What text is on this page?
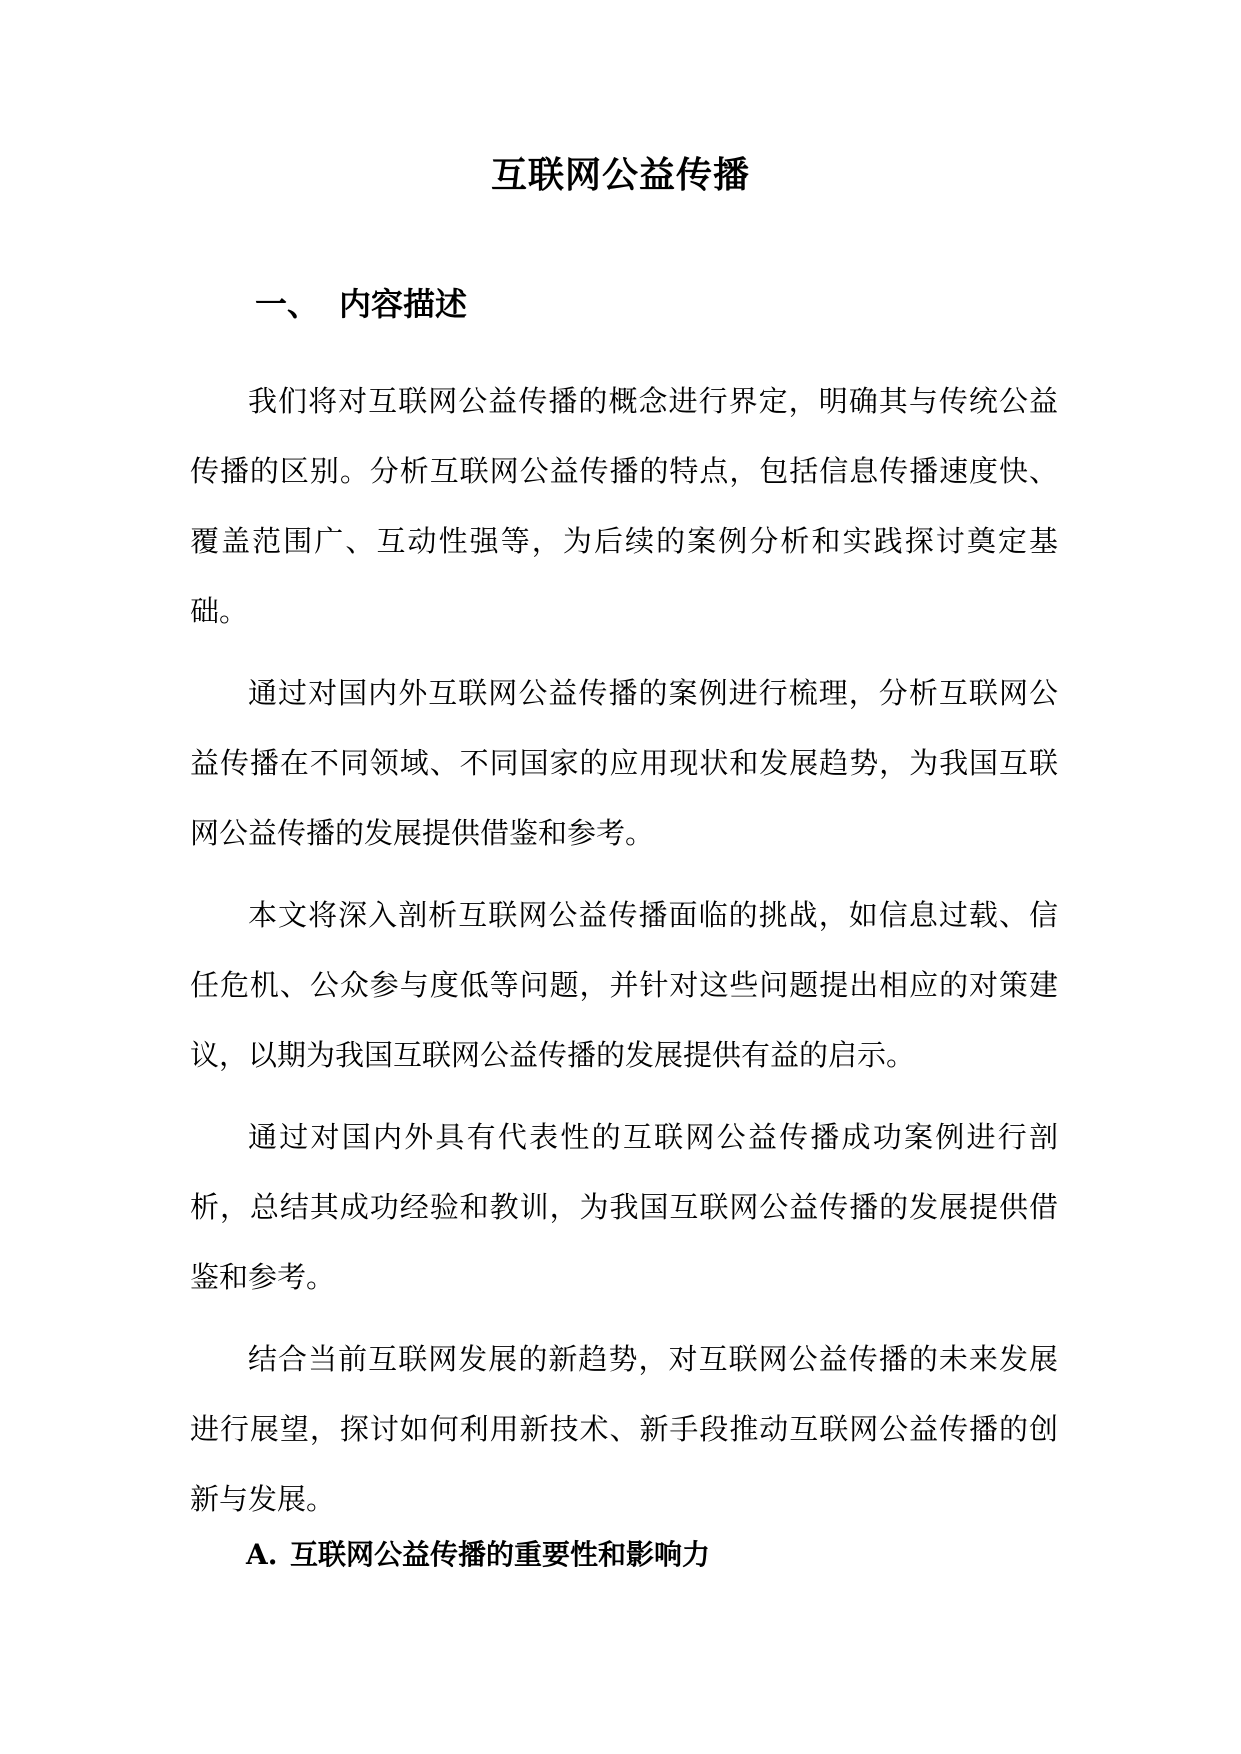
互联网公益传播
一、 内容描述

我们将对互联网公益传播的概念进行界定，明确其与传统公益传播的区别。分析互联网公益传播的特点，包括信息传播速度快、覆盖范围广、互动性强等，为后续的案例分析和实践探讨奠定基础。

通过对国内外互联网公益传播的案例进行梳理，分析互联网公益传播在不同领域、不同国家的应用现状和发展趋势，为我国互联网公益传播的发展提供借鉴和参考。

本文将深入剖析互联网公益传播面临的挑战，如信息过载、信任危机、公众参与度低等问题，并针对这些问题提出相应的对策建议，以期为我国互联网公益传播的发展提供有益的启示。

通过对国内外具有代表性的互联网公益传播成功案例进行剖析，总结其成功经验和教训，为我国互联网公益传播的发展提供借鉴和参考。

结合当前互联网发展的新趋势，对互联网公益传播的未来发展进行展望，探讨如何利用新技术、新手段推动互联网公益传播的创新与发展。

A. 互联网公益传播的重要性和影响力
